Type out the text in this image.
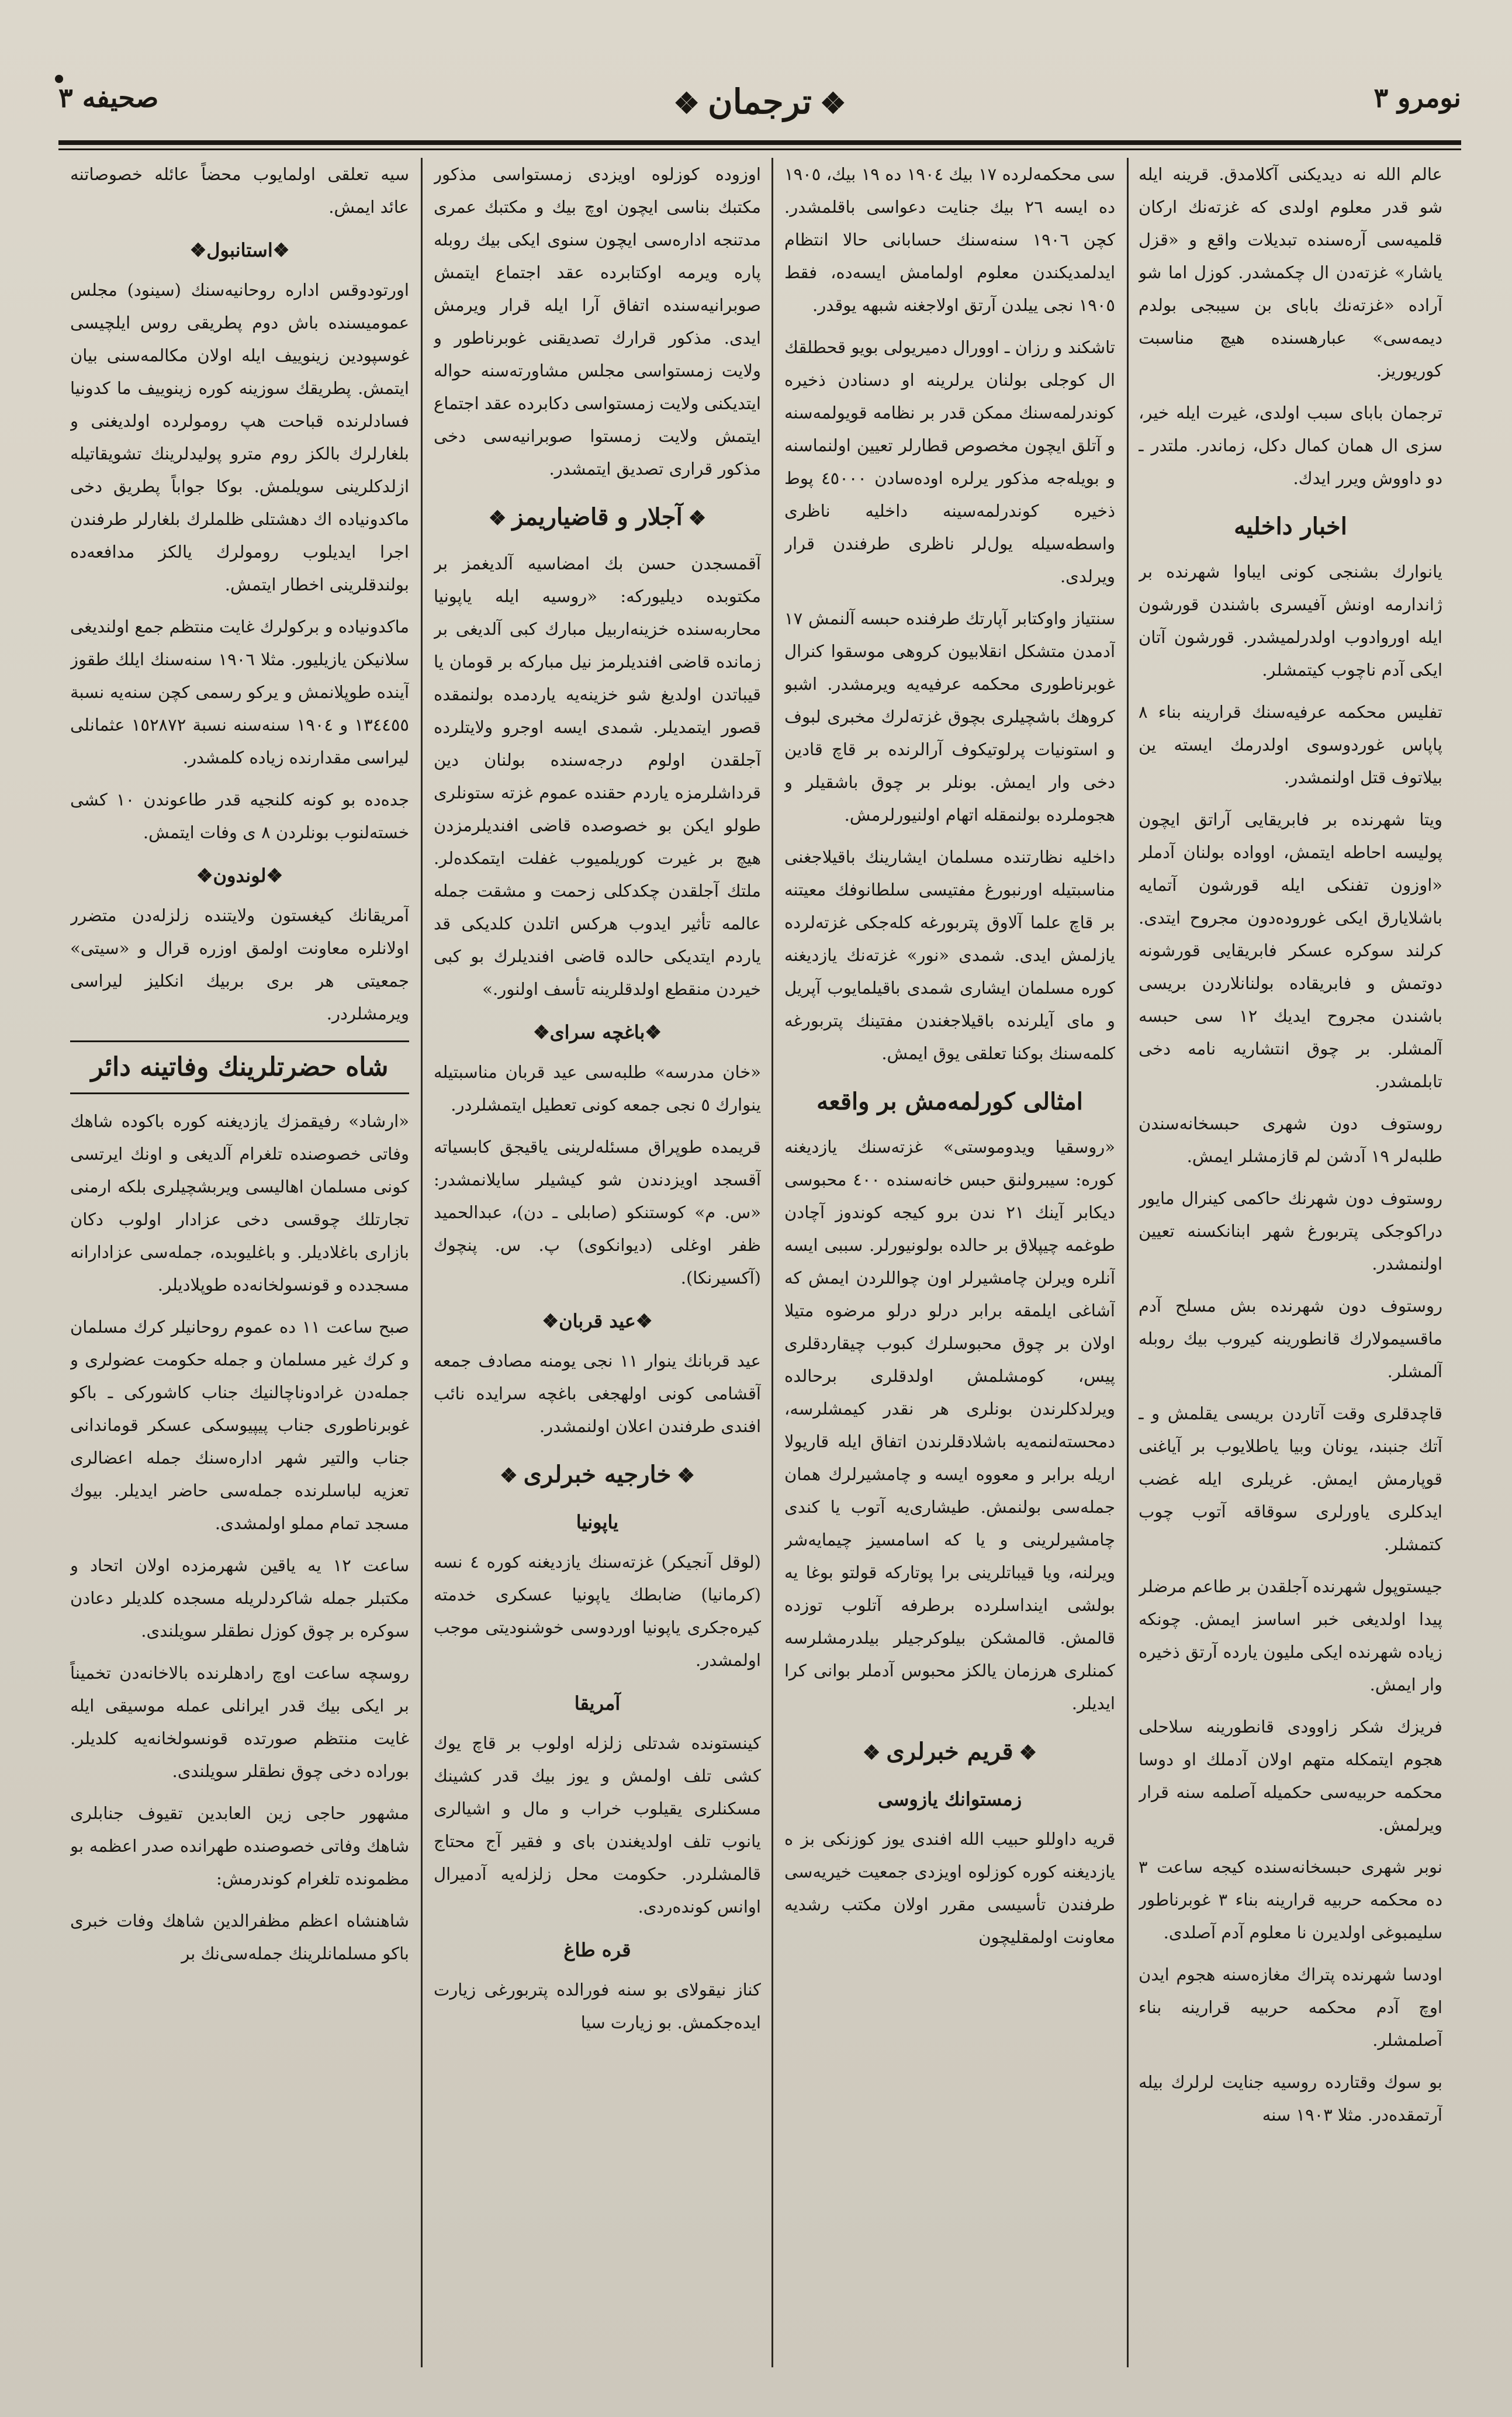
نومرو ٣
❖ترجمان❖
صحيفه ٣

عالم الله نه دیدیكنی آكلامدق. قرینه ایله شو قدر معلوم اولدی كه غزته‌نك اركان قلمیه‌سی آره‌سنده تبدیلات واقع و «قزل یاشار» غزته‌دن ال چكمشدر. كوزل اما شو آراده «غزته‌نك بابای بن سیبجی بولدم دیمه‌سی» عبارهسنده هیچ مناسبت كوریوریز.

ترجمان بابای سبب اولدی، غیرت ایله خیر، سزی ال همان كمال دكل، زماندر. ملتدر ـ دو داووش ویرر ایدك.

اخبار داخلیه

یانوارك بشنجی كونی ایباوا شهرنده بر ژاندارمه اونش آفیسری باشندن قورشون ایله اوروادوب اولدرلمیشدر. قورشون آتان ایكی آدم ناچوب كیتمشلر.

تفلیس محكمه عرفیه‌سنك قرارینه بناء ٨ پاپاس غوردوسوی اولدرمك ایسته ین بیلاتوف قتل اولنمشدر.

ویتا شهرنده بر فابریقایی آراتق ایچون پولیسه احاطه ایتمش، اوواده بولنان آدملر «اوزون تفنكی ایله قورشون آتمایه باشلایارق ایكی غوروده‌دون مجروح ایتدی. كرلند سوكره عسكر فابریقایی قورشونه دوتمش و فابریقاده بولنانلاردن بریسی باشندن مجروح ایدیك ١٢ سی حبسه آلمشلر. بر چوق انتشاریه نامه دخی تابلمشدر.

روستوف دون شهری حبسخانه‌سندن طلبه‌لر ١٩ آدشن لم قازمشلر ایمش.

روستوف دون شهرنك حاكمی كینرال مایور دراكوجكی پتربورغ شهر ابنانكسنه تعیین اولنمشدر.

روستوف دون شهرنده بش مسلح آدم ماقسیمولارك قانطورینه كیروب بیك روبله آلمشلر.

قاچدقلری وقت آتاردن بریسی یقلمش و ـ آتك جنبند، یونان وبیا یاطلایوب بر آیاغنی قوپارمش ایمش. غریلری ایله غضب ایدكلری یاورلری سوقاقه آتوب چوب كتمشلر.

جیستوپول شهرنده آجلقدن بر طاعم مرضلر پیدا اولدیغی خبر اساسز ایمش. چونكه زیاده شهرنده ایكی ملیون یارده آرتق ذخیره وار ایمش.

فریزك شكر زاوودی قانطورینه سلاحلی هجوم ایتمكله متهم اولان آدملك او دوسا محكمه حربیه‌سی حكمیله آصلمه‌ سنه قرار ویرلمش.

نوبر شهری حبسخانه‌سنده كیجه ساعت ٣ ده محكمه حربیه قرارینه بناء ٣ غوبرناطور سلیمبوغی اولدیرن نا معلوم آدم آصلدی.

اودسا شهرنده پتراك مغازه‌سنه هجوم ایدن اوچ آدم محكمه حربیه قرارینه بناء آصلمشلر.

بو سوك وقتارده روسیه جنایت لرلرك بیله آرتمقده‌در. مثلا ١٩٠٣ سنه

سی محكمه‌لرده ١٧ بیك ١٩٠٤ ده ١٩ بیك، ١٩٠٥ ده ایسه ٢٦ بیك جنایت دعواسی باقلمشدر. كچن ١٩٠٦ سنه‌سنك حسابانی حالا انتظام ایدلمدیكندن معلوم اولمامش ایسه‌ده، فقط ١٩٠٥ نجی ییلدن آرتق اولاجغنه شبهه یوقدر.

تاشكند و رزان ـ اوورال دمیریولی بویو قحطلقك ال كوجلی بولنان یرلرینه او دسنادن ذخیره كوندرلمه‌سنك ممكن قدر بر نظامه قویولمه‌سنه و آتلق ایچون مخصوص قطارلر تعیین اولنماسنه و بویله‌جه مذكور یرلره اوده‌سادن ٤٥٠٠٠ پوط ذخیره كوندرلمه‌سینه داخلیه ناظری واسطه‌سیله یول‌لر ناظری طرفندن قرار ویرلدی.

سنتیاز واوكتابر آپارتك طرفنده حبسه آلنمش ١٧ آدمدن متشكل انقلابیون كروهی موسقوا كنرال غوبرناطوری محكمه عرفیه‌یه ویرمشدر. اشبو كروهك باشچیلری بچوق غزته‌لرك مخبری لبوف و استونیات پرلوتیكوف آرالرنده بر قاچ قادین دخی وار ایمش. بونلر بر چوق باشقیلر و هجوملرده بولنمقله اتهام اولنیورلرمش.

داخلیه نظارتنده مسلمان ایشارینك باقیلاجغنی مناسبتیله اورنبورغ مفتیسی سلطانوفك معیتنه بر قاچ علما آلاوق پتربورغه كله‌جكی غزته‌لرده یازلمش ایدی. شمدی «نور» غزته‌نك یازدیغنه كوره مسلمان ایشاری شمدی باقیلمایوب آپریل و مای آیلرنده باقیلاجغندن مفتینك پتربورغه كلمه‌سنك بوكنا تعلقی یوق ایمش.

امثالی كورلمه‌مش بر واقعه

«روسقیا ویدوموستی» غزته‌سنك یازدیغنه كوره: سیبرولنق حبس خانه‌سنده ٤٠٠ محبوسی دیكابر آینك ٢١ ندن برو كیجه كوندوز آچادن طوغمه چیپلاق بر حالده بولونیورلر. سببی ایسه آنلره ویرلن چامشیرلر اون چواللردن ایمش كه آشاغی ایلمقه برابر درلو درلو مرضوه متیلا اولان بر چوق محبوسلرك كبوب چیقاردقلری پیس، كومشلمش اولدقلری برحالده ویرلدكلرندن بونلری هر نقدر كیمشلرسه، دمحسته‌لنمه‌یه باشلادقلرندن اتفاق ایله قاریولا اریله برابر و معووه ایسه و چامشیرلرك همان جمله‌سی بولنمش. طیشاری‌یه آتوب یا كندی چامشیرلرینی و یا كه اسامسیز چیمایه‌شر ویرلنه، ویا قیباتلرینی برا پوتاركه قولتو بوغا یه بولشی اینداسلرده برطرفه آتلوب توزده قالمش. قالمشكن بیلوكرجیلر بیلدرمشلرسه كمنلری هرزمان یالكز محبوس آدملر بوانی كرا ایدیلر.

❖قریم خبرلری❖
زمستوانك یازوسی

قریه داوللو حبیب الله افندی یوز كوزنكی بز ه یازدیغنه كوره كوزلوه اویزدی جمعیت خیریه‌سی طرفندن تأسیسی مقرر اولان مكتب رشدیه معاونت اولمقلیچون

اوزوده كوزلوه اویزدی زمستواسی مذكور مكتبك بناسی ایچون اوچ بیك و مكتبك عمری مدتنجه اداره‌سی ایچون سنوی ایكی بیك روبله پاره ویرمه اوكتابرده عقد اجتماع ایتمش صوبرانیه‌سنده اتفاق آرا ایله قرار ویرمش ایدی. مذكور قرارك تصدیقنی غوبرناطور و ولایت زمستواسی مجلس مشاورته‌سنه حواله ایتدیكنی ولایت زمستواسی دكابرده عقد اجتماع ایتمش ولایت زمستوا صوبرانیه‌سی دخی مذكور قراری تصدیق ایتمشدر.

❖آجلار و قاضیاریمز❖

آقمسجدن حسن بك امضاسیه آلدیغمز بر مكتوبده دیلیوركه: «روسیه ایله یاپونیا محاربه‌سنده خزینه‌اربیل مبارك كبی آلدیغی بر زمانده قاضی افندیلرمز نیل مباركه بر قومان یا قیباتدن اولدیغ شو خزینه‌یه یاردمده بولنمقده قصور ایتمدیلر. شمدی ایسه اوجرو ولایتلرده آجلقدن اولوم درجه‌سنده بولنان دین قرداشلرمزه یاردم حقنده عموم غزته ستونلری طولو ایكن بو خصوصده قاضی افندیلرمزدن هیچ بر غیرت كوریلمیوب غفلت ایتمكده‌لر. ملتك آجلقدن چكدكلی زحمت و مشقت جمله عالمه تأثیر ایدوب هركس اتلدن كلدیكی قد یاردم ایتدیكی حالده قاضی افندیلرك بو كبی خیردن منقطع اولدقلرینه تأسف اولنور.»

❖باغچه سرای❖

«خان مدرسه» طلبه‌سی عید قربان مناسبتیله ینوارك ٥ نجی جمعه كونی تعطیل ایتمشلردر.

قریمده طوپراق مسئله‌لرینی یاقیجق كابسیاته آقسجد اویزدندن شو كیشیلر سایلانمشدر: «س. م» كوستنكو (صابلی ـ دن)، عبدالحمید ظفر اوغلی (دیوانكوی) پ. س. پنچوك (آكسیرنكا).

❖عید قربان❖

عید قربانك ینوار ١١ نجی یومنه مصادف جمعه آقشامی كونی اولهجغی باغچه سرایده نائب افندی طرفندن اعلان اولنمشدر.

❖خارجیه خبرلری❖
یاپونیا

(لوقل آنجیكر) غزته‌سنك یازدیغنه كوره ٤ نسه (كرمانیا) ضابطك یاپونیا عسكری خدمته كیره‌جكری یاپونیا اوردوسی خوشنودیتی موجب اولمشدر.

آمریقا

كینستونده شدتلی زلزله اولوب بر قاچ یوك كشی تلف اولمش و یوز بیك قدر كشینك مسكنلری یقیلوب خراب و مال و اشیالری یانوب تلف اولدیغندن بای و فقیر آج محتاج قالمشلردر. حكومت محل زلزله‌یه آدمیرال اوانس كونده‌ردی.

قره طاغ

كناز نیقولای بو سنه فورالده پتربورغی زیارت ایده‌جكمش. بو زیارت سیا

سیه تعلقی اولمایوب محضاً عائله خصوصاتنه عائد ایمش.

❖استانبول❖

اورتودوقس اداره روحانیه‌سنك (سینود) مجلس عمومیسنده باش دوم پطریقی روس ایلچیسی غوسپودین زینوییف ایله اولان مكالمه‌سنی بیان ایتمش. پطریقك سوزینه كوره زینوییف ما كدونیا فسادلرنده قباحت هپ رومولرده اولدیغنی و بلغارلرك بالكز روم مترو پولیدلرینك تشویقاتیله ازلدكلرینی سویلمش. بوكا جواباً پطریق دخی ماكدونیاده اك دهشتلی ظلملرك بلغارلر طرفندن اجرا ایدیلوب رومولرك یالكز مدافعه‌ده بولندقلرینی اخطار ایتمش.

ماكدونیاده و بركولرك غایت منتظم جمع اولندیغی سلانیكن یازیلیور. مثلا ١٩٠٦ سنه‌سنك ایلك طقوز آینده طوپلانمش و یركو رسمی كچن سنه‌یه نسبة ١٣٤٤٥٥ و ١٩٠٤ سنه‌سنه نسبة ١٥٢٨٧٢ عثمانلی لیراسی مقدارنده زیاده كلمشدر.

جده‌ده بو كونه كلنجیه قدر طاعوندن ١٠ كشی خسته‌لنوب بونلردن ٨ ی وفات ایتمش.

❖لوندون❖

آمریقانك كیغستون ولایتنده زلزله‌دن متضرر اولانلره معاونت اولمق اوزره قرال و «سیتی» جمعیتی هر بری بربیك انكلیز لیراسی ویرمشلردر.

شاه حضرتلرینك وفاتینه دائر

«ارشاد» رفیقمزك یازدیغنه كوره باكوده شاهك وفاتی خصوصنده تلغرام آلدیغی و اونك ایرتسی كونی مسلمان اهالیسی ویربشچیلری بلكه ارمنی تجارتلك چوقسی دخی عزادار اولوب دكان بازاری باغلادیلر. و باغلیوبده، جمله‌سی عزادارانه مسجدده و قونسولخانه‌ده طوپلادیلر.

صبح ساعت ١١ ده عموم روحانیلر كرك مسلمان و كرك غیر مسلمان و جمله حكومت عضولری و جمله‌دن غرادوناچالنیك جناب كاشوركی ـ باكو غوبرناطوری جناب پیپیوسكی عسكر قوماندانی جناب والتیر شهر اداره‌سنك جمله اعضالری تعزیه لباسلرنده جمله‌سی حاضر ایدیلر. بیوك مسجد تمام مملو اولمشدی.

ساعت ١٢ یه یاقین شهرمزده اولان اتحاد و مكتبلر جمله شاكردلریله مسجده كلدیلر دعادن سوكره بر چوق كوزل نطقلر سویلندی.

روسچه ساعت اوچ رادهلرنده بالاخانه‌دن تخمیناً بر ایكی بیك قدر ایرانلی عمله موسیقی ایله غایت منتظم صورتده قونسولخانه‌یه كلدیلر. بوراده دخی چوق نطقلر سویلندی.

مشهور حاجی زین العابدین تقیوف جنابلری شاهك وفاتی خصوصنده طهرانده صدر اعظمه بو مظمونده تلغرام كوندرمش:

شاهنشاه اعظم مظفرالدین شاهك وفات خبری باكو مسلمانلرینك جمله‌سی‌نك بر
